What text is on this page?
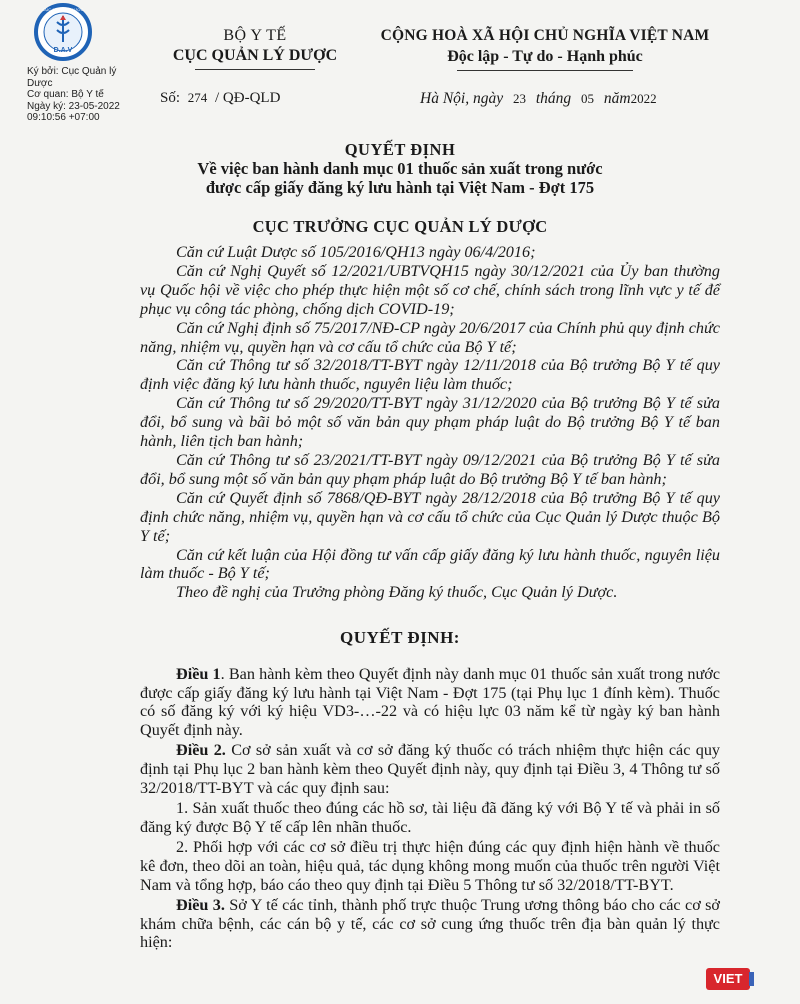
D.A.V
CỤC QUẢN LÝ DƯỢC
Ký bởi: Cục Quản lý
Dược
Cơ quan: Bộ Y tế
Ngày ký: 23-05-2022
09:10:56 +07:00
BỘ Y TẾ
CỤC QUẢN LÝ DƯỢC
Số: 274 / QĐ-QLD
CỘNG HOÀ XÃ HỘI CHỦ NGHĨA VIỆT NAM
Độc lập - Tự do - Hạnh phúc
Hà Nội, ngày 23 tháng 05 năm2022
QUYẾT ĐỊNH
Về việc ban hành danh mục 01 thuốc sản xuất trong nước
được cấp giấy đăng ký lưu hành tại Việt Nam - Đợt 175
CỤC TRƯỞNG CỤC QUẢN LÝ DƯỢC

Căn cứ Luật Dược số 105/2016/QH13 ngày 06/4/2016;

Căn cứ Nghị Quyết số 12/2021/UBTVQH15 ngày 30/12/2021 của Ủy ban thường vụ Quốc hội về việc cho phép thực hiện một số cơ chế, chính sách trong lĩnh vực y tế để phục vụ công tác phòng, chống dịch COVID-19;

Căn cứ Nghị định số 75/2017/NĐ-CP ngày 20/6/2017 của Chính phủ quy định chức năng, nhiệm vụ, quyền hạn và cơ cấu tổ chức của Bộ Y tế;

Căn cứ Thông tư số 32/2018/TT-BYT ngày 12/11/2018 của Bộ trưởng Bộ Y tế quy định việc đăng ký lưu hành thuốc, nguyên liệu làm thuốc;

Căn cứ Thông tư số 29/2020/TT-BYT ngày 31/12/2020 của Bộ trưởng Bộ Y tế sửa đổi, bổ sung và bãi bỏ một số văn bản quy phạm pháp luật do Bộ trưởng Bộ Y tế ban hành, liên tịch ban hành;

Căn cứ Thông tư số 23/2021/TT-BYT ngày 09/12/2021 của Bộ trưởng Bộ Y tế sửa đổi, bổ sung một số văn bản quy phạm pháp luật do Bộ trưởng Bộ Y tế ban hành;

Căn cứ Quyết định số 7868/QĐ-BYT ngày 28/12/2018 của Bộ trưởng Bộ Y tế quy định chức năng, nhiệm vụ, quyền hạn và cơ cấu tổ chức của Cục Quản lý Dược thuộc Bộ Y tế;

Căn cứ kết luận của Hội đồng tư vấn cấp giấy đăng ký lưu hành thuốc, nguyên liệu làm thuốc - Bộ Y tế;

Theo đề nghị của Trưởng phòng Đăng ký thuốc, Cục Quản lý Dược.

QUYẾT ĐỊNH:

Điều 1. Ban hành kèm theo Quyết định này danh mục 01 thuốc sản xuất trong nước được cấp giấy đăng ký lưu hành tại Việt Nam - Đợt 175 (tại Phụ lục 1 đính kèm). Thuốc có số đăng ký với ký hiệu VD3-…-22 và có hiệu lực 03 năm kể từ ngày ký ban hành Quyết định này.

Điều 2. Cơ sở sản xuất và cơ sở đăng ký thuốc có trách nhiệm thực hiện các quy định tại Phụ lục 2 ban hành kèm theo Quyết định này, quy định tại Điều 3, 4 Thông tư số 32/2018/TT-BYT và các quy định sau:

1. Sản xuất thuốc theo đúng các hồ sơ, tài liệu đã đăng ký với Bộ Y tế và phải in số đăng ký được Bộ Y tế cấp lên nhãn thuốc.

2. Phối hợp với các cơ sở điều trị thực hiện đúng các quy định hiện hành về thuốc kê đơn, theo dõi an toàn, hiệu quả, tác dụng không mong muốn của thuốc trên người Việt Nam và tổng hợp, báo cáo theo quy định tại Điều 5 Thông tư số 32/2018/TT-BYT.

Điều 3. Sở Y tế các tỉnh, thành phố trực thuộc Trung ương thông báo cho các cơ sở khám chữa bệnh, các cán bộ y tế, các cơ sở cung ứng thuốc trên địa bàn quản lý thực hiện:

VIET
